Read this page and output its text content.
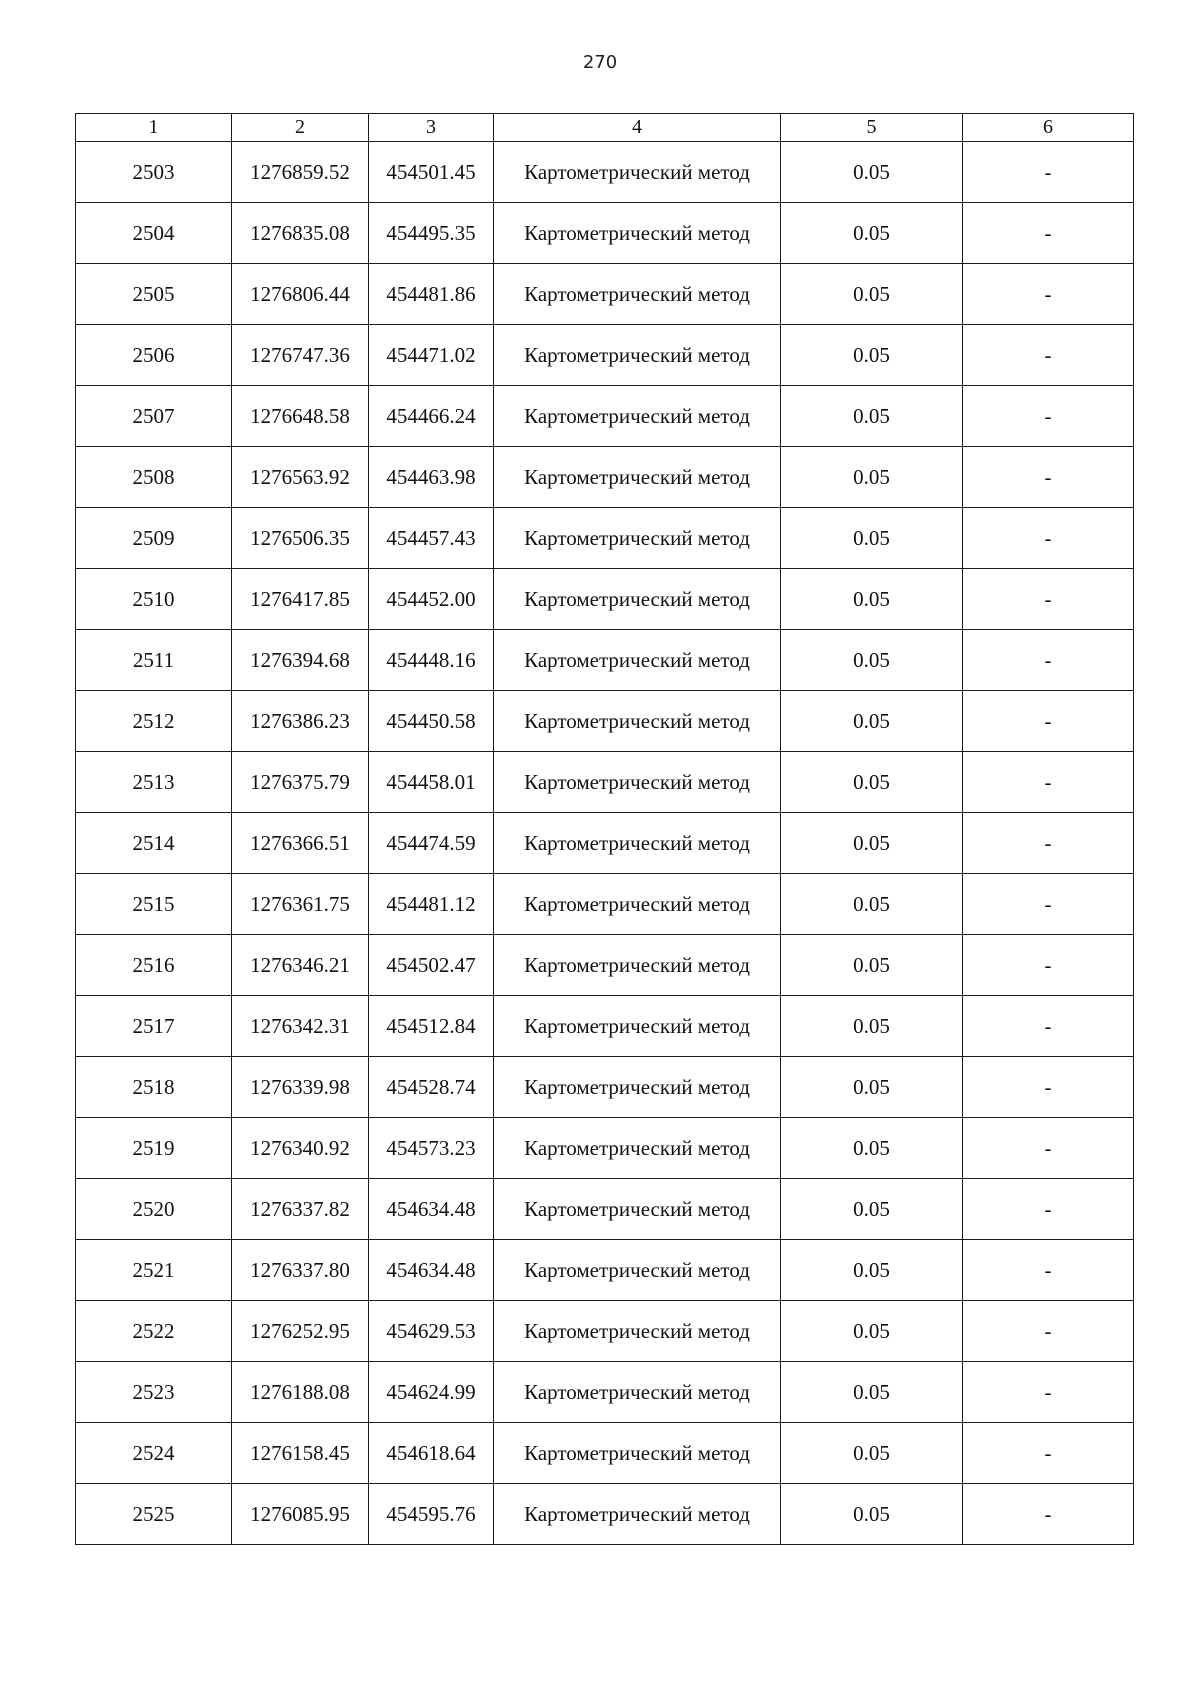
270
1	2	3	4	5	6
2503	1276859.52	454501.45	Картометрический метод	0.05	-
2504	1276835.08	454495.35	Картометрический метод	0.05	-
2505	1276806.44	454481.86	Картометрический метод	0.05	-
2506	1276747.36	454471.02	Картометрический метод	0.05	-
2507	1276648.58	454466.24	Картометрический метод	0.05	-
2508	1276563.92	454463.98	Картометрический метод	0.05	-
2509	1276506.35	454457.43	Картометрический метод	0.05	-
2510	1276417.85	454452.00	Картометрический метод	0.05	-
2511	1276394.68	454448.16	Картометрический метод	0.05	-
2512	1276386.23	454450.58	Картометрический метод	0.05	-
2513	1276375.79	454458.01	Картометрический метод	0.05	-
2514	1276366.51	454474.59	Картометрический метод	0.05	-
2515	1276361.75	454481.12	Картометрический метод	0.05	-
2516	1276346.21	454502.47	Картометрический метод	0.05	-
2517	1276342.31	454512.84	Картометрический метод	0.05	-
2518	1276339.98	454528.74	Картометрический метод	0.05	-
2519	1276340.92	454573.23	Картометрический метод	0.05	-
2520	1276337.82	454634.48	Картометрический метод	0.05	-
2521	1276337.80	454634.48	Картометрический метод	0.05	-
2522	1276252.95	454629.53	Картометрический метод	0.05	-
2523	1276188.08	454624.99	Картометрический метод	0.05	-
2524	1276158.45	454618.64	Картометрический метод	0.05	-
2525	1276085.95	454595.76	Картометрический метод	0.05	-
